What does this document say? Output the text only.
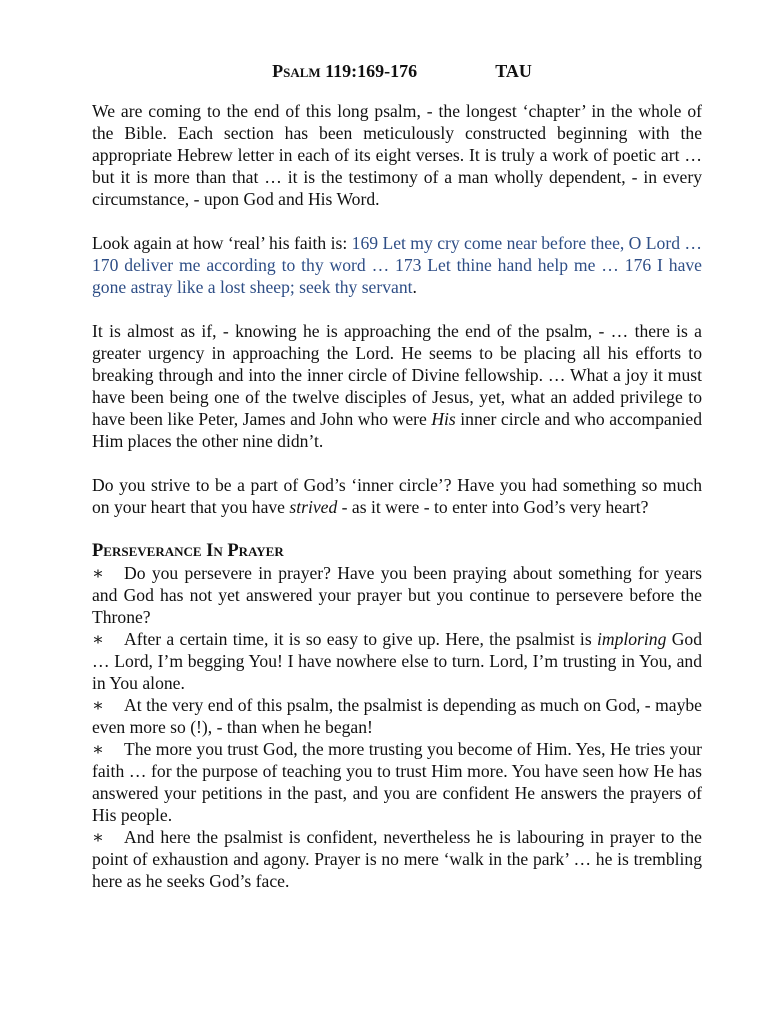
Psalm 119:169-176	TAU

We are coming to the end of this long psalm, - the longest ‘chapter’ in the whole of the Bible. Each section has been meticulously constructed beginning with the appropriate Hebrew letter in each of its eight verses. It is truly a work of poetic art … but it is more than that … it is the testimony of a man wholly dependent, - in every circumstance, - upon God and His Word.

Look again at how ‘real’ his faith is: 169 Let my cry come near before thee, O Lord … 170 deliver me according to thy word … 173 Let thine hand help me … 176 I have gone astray like a lost sheep; seek thy servant.

It is almost as if, - knowing he is approaching the end of the psalm, - … there is a greater urgency in approaching the Lord. He seems to be placing all his efforts to breaking through and into the inner circle of Divine fellowship. … What a joy it must have been being one of the twelve disciples of Jesus, yet, what an added privilege to have been like Peter, James and John who were His inner circle and who accompanied Him places the other nine didn’t.

Do you strive to be a part of God’s ‘inner circle’? Have you had something so much on your heart that you have strived - as it were - to enter into God’s very heart?

Perseverance In Prayer
∗ Do you persevere in prayer? Have you been praying about something for years and God has not yet answered your prayer but you continue to persevere before the Throne?
∗ After a certain time, it is so easy to give up. Here, the psalmist is imploring God … Lord, I’m begging You! I have nowhere else to turn. Lord, I’m trusting in You, and in You alone.
∗ At the very end of this psalm, the psalmist is depending as much on God, - maybe even more so (!), - than when he began!
∗ The more you trust God, the more trusting you become of Him. Yes, He tries your faith … for the purpose of teaching you to trust Him more. You have seen how He has answered your petitions in the past, and you are confident He answers the prayers of His people.
∗ And here the psalmist is confident, nevertheless he is labouring in prayer to the point of exhaustion and agony. Prayer is no mere ‘walk in the park’ … he is trembling here as he seeks God’s face.
